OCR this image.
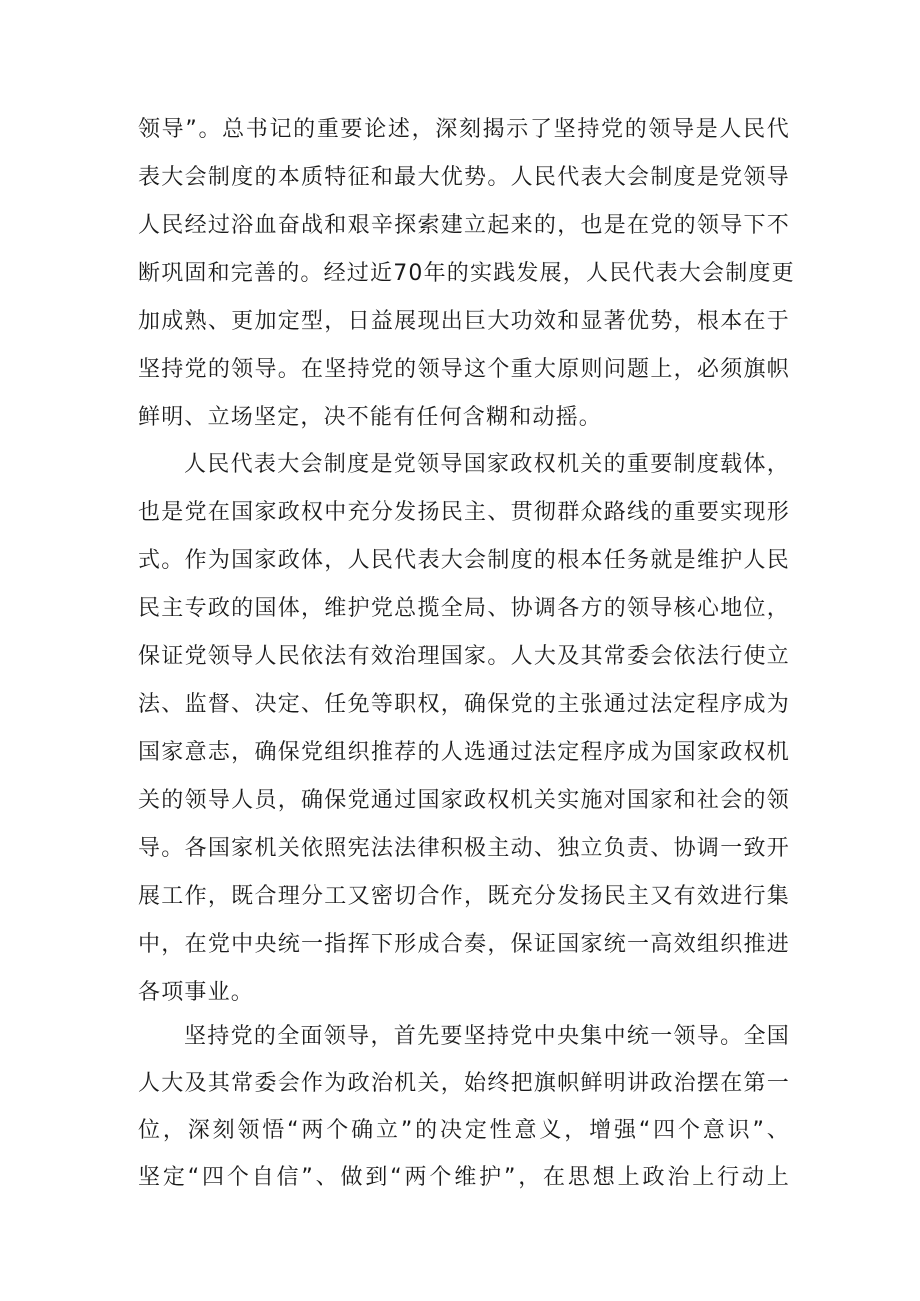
领导”。总书记的重要论述，深刻揭示了坚持党的领导是人民代
表大会制度的本质特征和最大优势。人民代表大会制度是党领导
人民经过浴血奋战和艰辛探索建立起来的，也是在党的领导下不
断巩固和完善的。经过近70年的实践发展，人民代表大会制度更
加成熟、更加定型，日益展现出巨大功效和显著优势，根本在于
坚持党的领导。在坚持党的领导这个重大原则问题上，必须旗帜
鲜明、立场坚定，决不能有任何含糊和动摇。
人民代表大会制度是党领导国家政权机关的重要制度载体，
也是党在国家政权中充分发扬民主、贯彻群众路线的重要实现形
式。作为国家政体，人民代表大会制度的根本任务就是维护人民
民主专政的国体，维护党总揽全局、协调各方的领导核心地位，
保证党领导人民依法有效治理国家。人大及其常委会依法行使立
法、监督、决定、任免等职权，确保党的主张通过法定程序成为
国家意志，确保党组织推荐的人选通过法定程序成为国家政权机
关的领导人员，确保党通过国家政权机关实施对国家和社会的领
导。各国家机关依照宪法法律积极主动、独立负责、协调一致开
展工作，既合理分工又密切合作，既充分发扬民主又有效进行集
中，在党中央统一指挥下形成合奏，保证国家统一高效组织推进
各项事业。
坚持党的全面领导，首先要坚持党中央集中统一领导。全国
人大及其常委会作为政治机关，始终把旗帜鲜明讲政治摆在第一
位，深刻领悟“两个确立”的决定性意义，增强“四个意识”、
坚定“四个自信”、做到“两个维护”，在思想上政治上行动上
